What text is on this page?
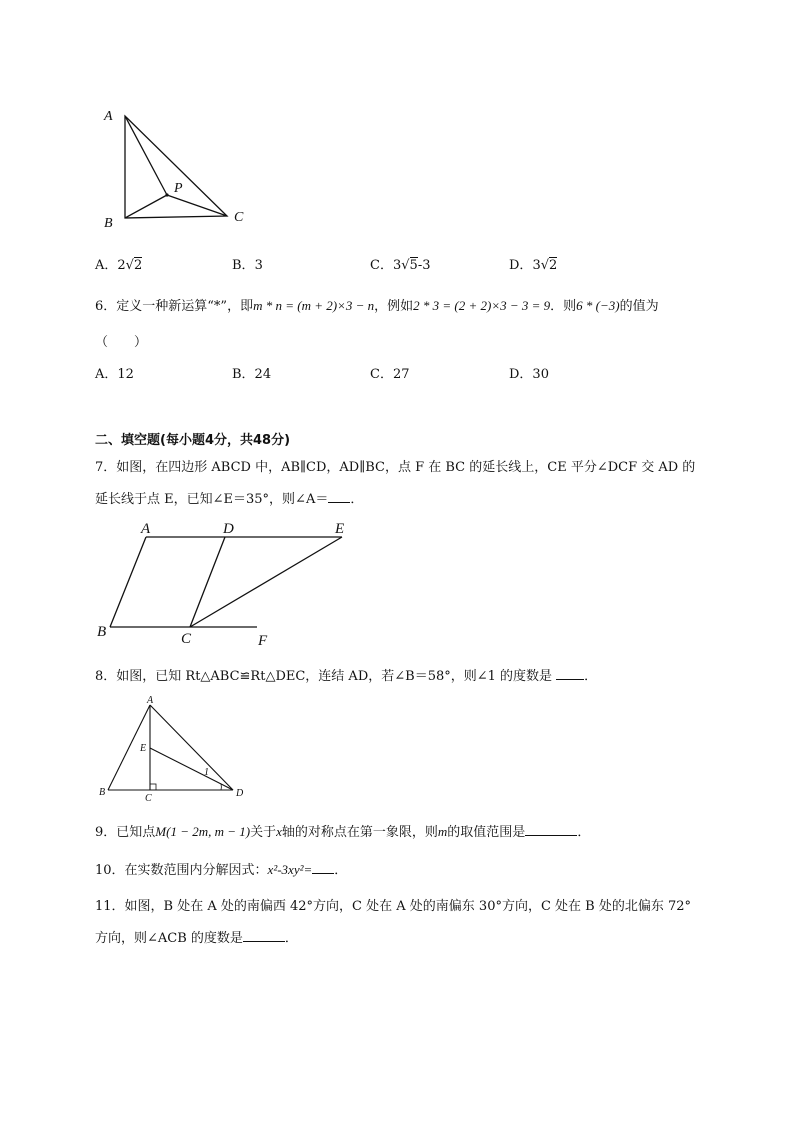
A
B	C
P
A．2√2	B．3	C．3√5-3	D．3√2
6．定义一种新运算“*”，即m * n = (m + 2)×3 − n，例如2 * 3 = (2 + 2)×3 − 3 = 9．则6 * (−3)的值为
（　　）
A．12	B．24	C．27	D．30
二、填空题(每小题4分，共48分)
7．如图，在四边形 ABCD 中，AB∥CD，AD∥BC，点 F 在 BC 的延长线上，CE 平分∠DCF 交 AD 的
延长线于点 E，已知∠E＝35°，则∠A＝ ．
A	D	E
B	C	F
8．如图，已知 Rt△ABC≌Rt△DEC，连结 AD，若∠B＝58°，则∠1 的度数是 ．
A
E
B
C	D
1
9．已知点M(1 − 2m, m − 1)关于x轴的对称点在第一象限，则m的取值范围是	．
10．在实数范围内分解因式：x²-3xy²= ．
11．如图，B 处在 A 处的南偏西 42°方向，C 处在 A 处的南偏东 30°方向，C 处在 B 处的北偏东 72°
方向，则∠ACB 的度数是	．
